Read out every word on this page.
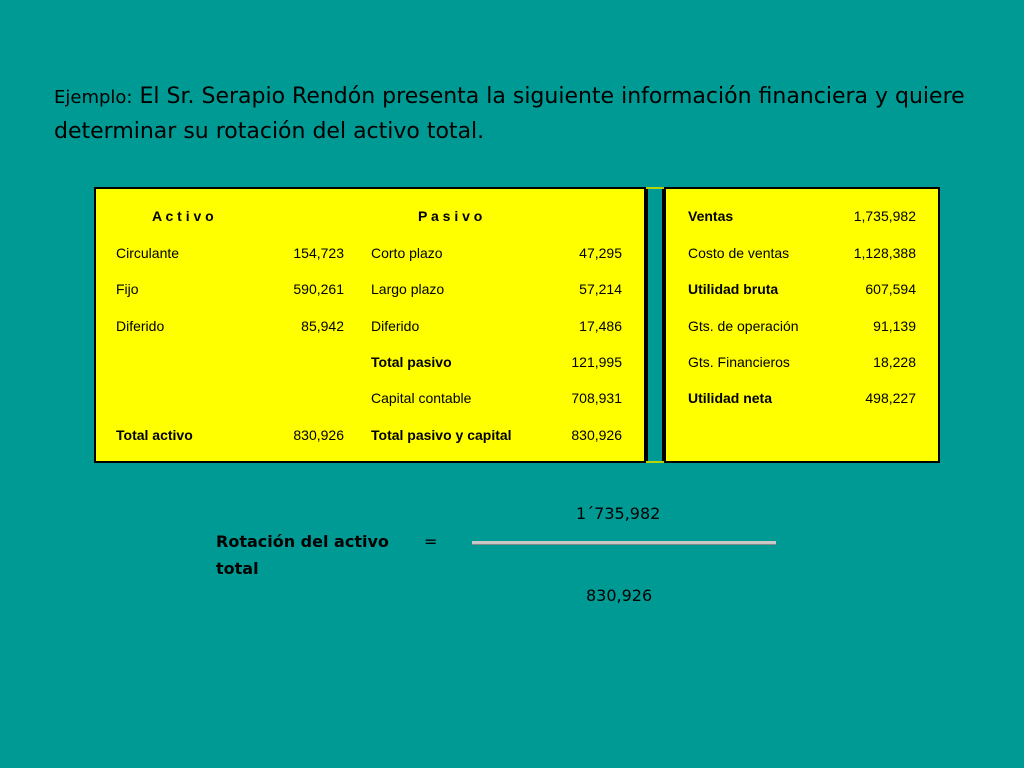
Ejemplo: El Sr. Serapio Rendón presenta la siguiente información financiera y quiere determinar su rotación del activo total.
A c t i v o	P a s i v o
Circulante	154,723
Fijo	590,261
Diferido	85,942
Total activo	830,926
Corto plazo	47,295
Largo plazo	57,214
Diferido	17,486
Total pasivo	121,995
Capital contable	708,931
Total pasivo y capital	830,926
Ventas	1,735,982
Costo de ventas	1,128,388
Utilidad bruta	607,594
Gts. de operación	91,139
Gts. Financieros	18,228
Utilidad neta	498,227
Rotación del activo
total
=
1´735,982
830,926
